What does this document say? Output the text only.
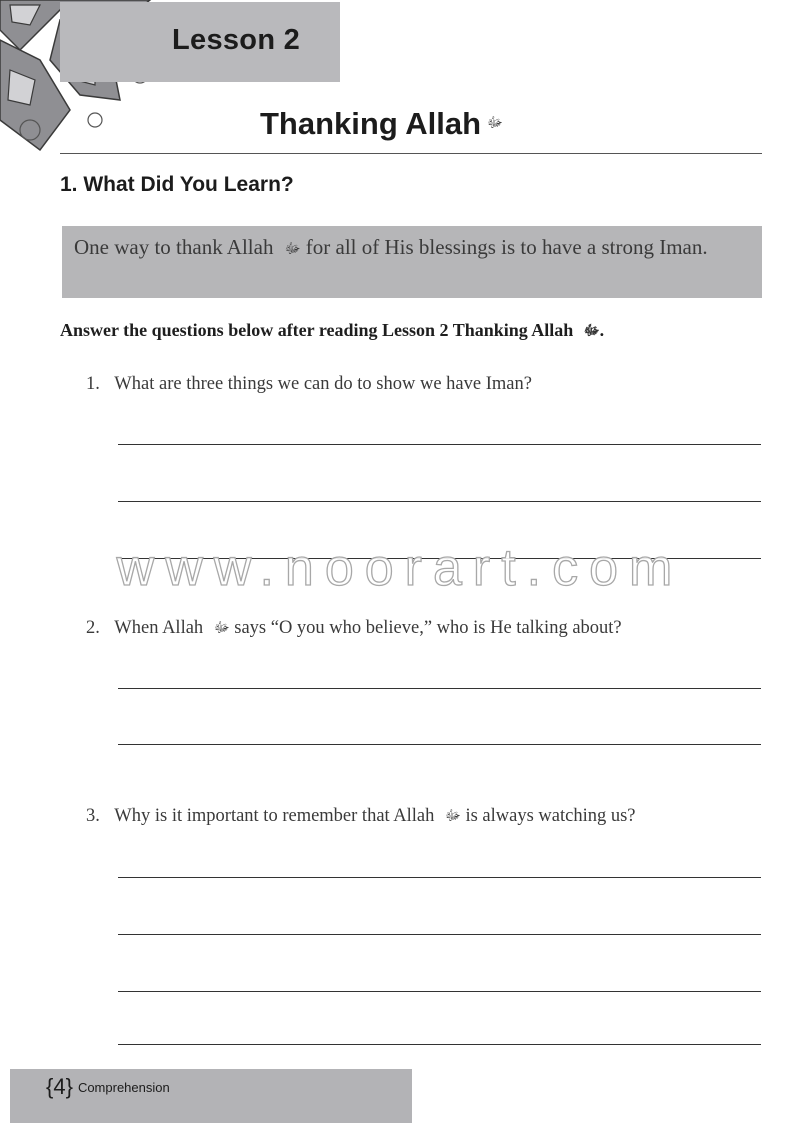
Lesson 2
Thanking Allah ﷻ
1. What Did You Learn?
One way to thank Allah ﷻ for all of His blessings is to have a strong Iman.
Answer the questions below after reading Lesson 2 Thanking Allah ﷻ.
1. What are three things we can do to show we have Iman?
www.noorart.com
2. When Allah ﷻ says “O you who believe,” who is He talking about?
3. Why is it important to remember that Allah ﷻ is always watching us?
{4} Comprehension
